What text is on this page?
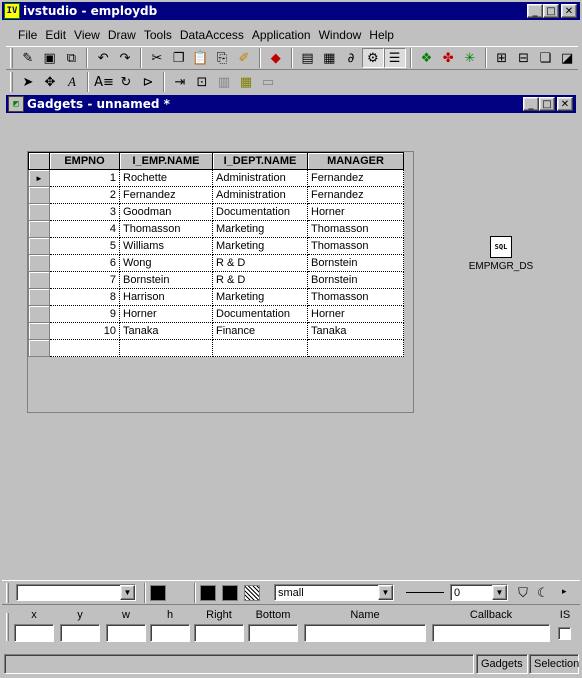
IV ivstudio - employdb	_ □ ✕
File Edit View Draw Tools DataAccess Application Window Help
✎ ▣ ⧉	↶ ↷	✂ ❐ 📋 ⎘ ✐	◆	▤ ▦ ∂ ⚙ ☰	❖ ✤ ✳	⊞ ⊟ ❏ ◪
➤ ✥ A	A≡ ↻ ⊳	⇥ ⊡ ▥ ▦ ▭
◩ Gadgets - unnamed *	_ □ ✕
	EMPNO	I_EMP.NAME	I_DEPT.NAME	MANAGER
►	1	Rochette	Administration	Fernandez
	2	Fernandez	Administration	Fernandez
	3	Goodman	Documentation	Horner
	4	Thomasson	Marketing	Thomasson
	5	Williams	Marketing	Thomasson
	6	Wong	R & D	Bornstein
	7	Bornstein	R & D	Bornstein
	8	Harrison	Marketing	Thomasson
	9	Horner	Documentation	Horner
	10	Tanaka	Finance	Tanaka

SQL
EMPMGR_DS
▼	small	▼	0	▼	⛉ ☾	▸
x	y	w	h	Right	Bottom	Name	Callback	IS
Gadgets	Selection
